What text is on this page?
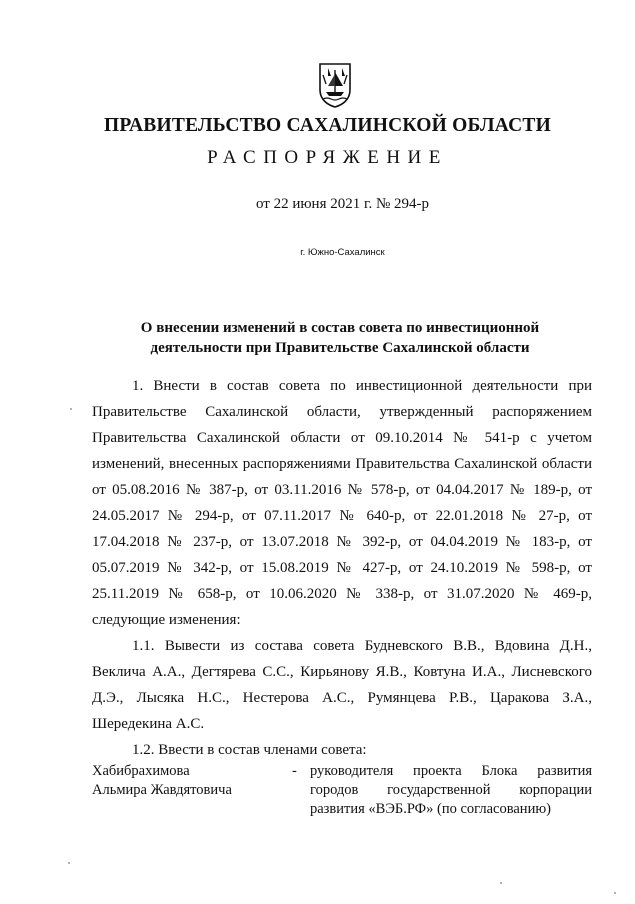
ПРАВИТЕЛЬСТВО САХАЛИНСКОЙ ОБЛАСТИ
РАСПОРЯЖЕНИЕ
от 22 июня 2021 г. № 294-р
г. Южно-Сахалинск
О внесении изменений в состав совета по инвестиционной
деятельности при Правительстве Сахалинской области

1. Внести в состав совета по инвестиционной деятельности при Правительстве Сахалинской области, утвержденный распоряжением Правительства Сахалинской области от 09.10.2014 № 541-р с учетом изменений, внесенных распоряжениями Правительства Сахалинской области от 05.08.2016 № 387-р, от 03.11.2016 № 578-р, от 04.04.2017 № 189-р, от 24.05.2017 № 294-р, от 07.11.2017 № 640-р, от 22.01.2018 № 27-р, от 17.04.2018 № 237-р, от 13.07.2018 № 392-р, от 04.04.2019 № 183-р, от 05.07.2019 № 342-р, от 15.08.2019 № 427-р, от 24.10.2019 № 598-р, от 25.11.2019 № 658-р, от 10.06.2020 № 338-р, от 31.07.2020 № 469-р, следующие изменения:

1.1. Вывести из состава совета Будневского В.В., Вдовина Д.Н., Веклича А.А., Дегтярева С.С., Кирьянову Я.В., Ковтуна И.А., Лисневского Д.Э., Лысяка Н.С., Нестерова А.С., Румянцева Р.В., Царакова З.А., Шередекина А.С.

1.2. Ввести в состав членами совета:

Хабибрахимова
Альмира Жавдятовича
- руководителя проекта Блока развития городов государственной корпорации развития «ВЭБ.РФ» (по согласованию)
